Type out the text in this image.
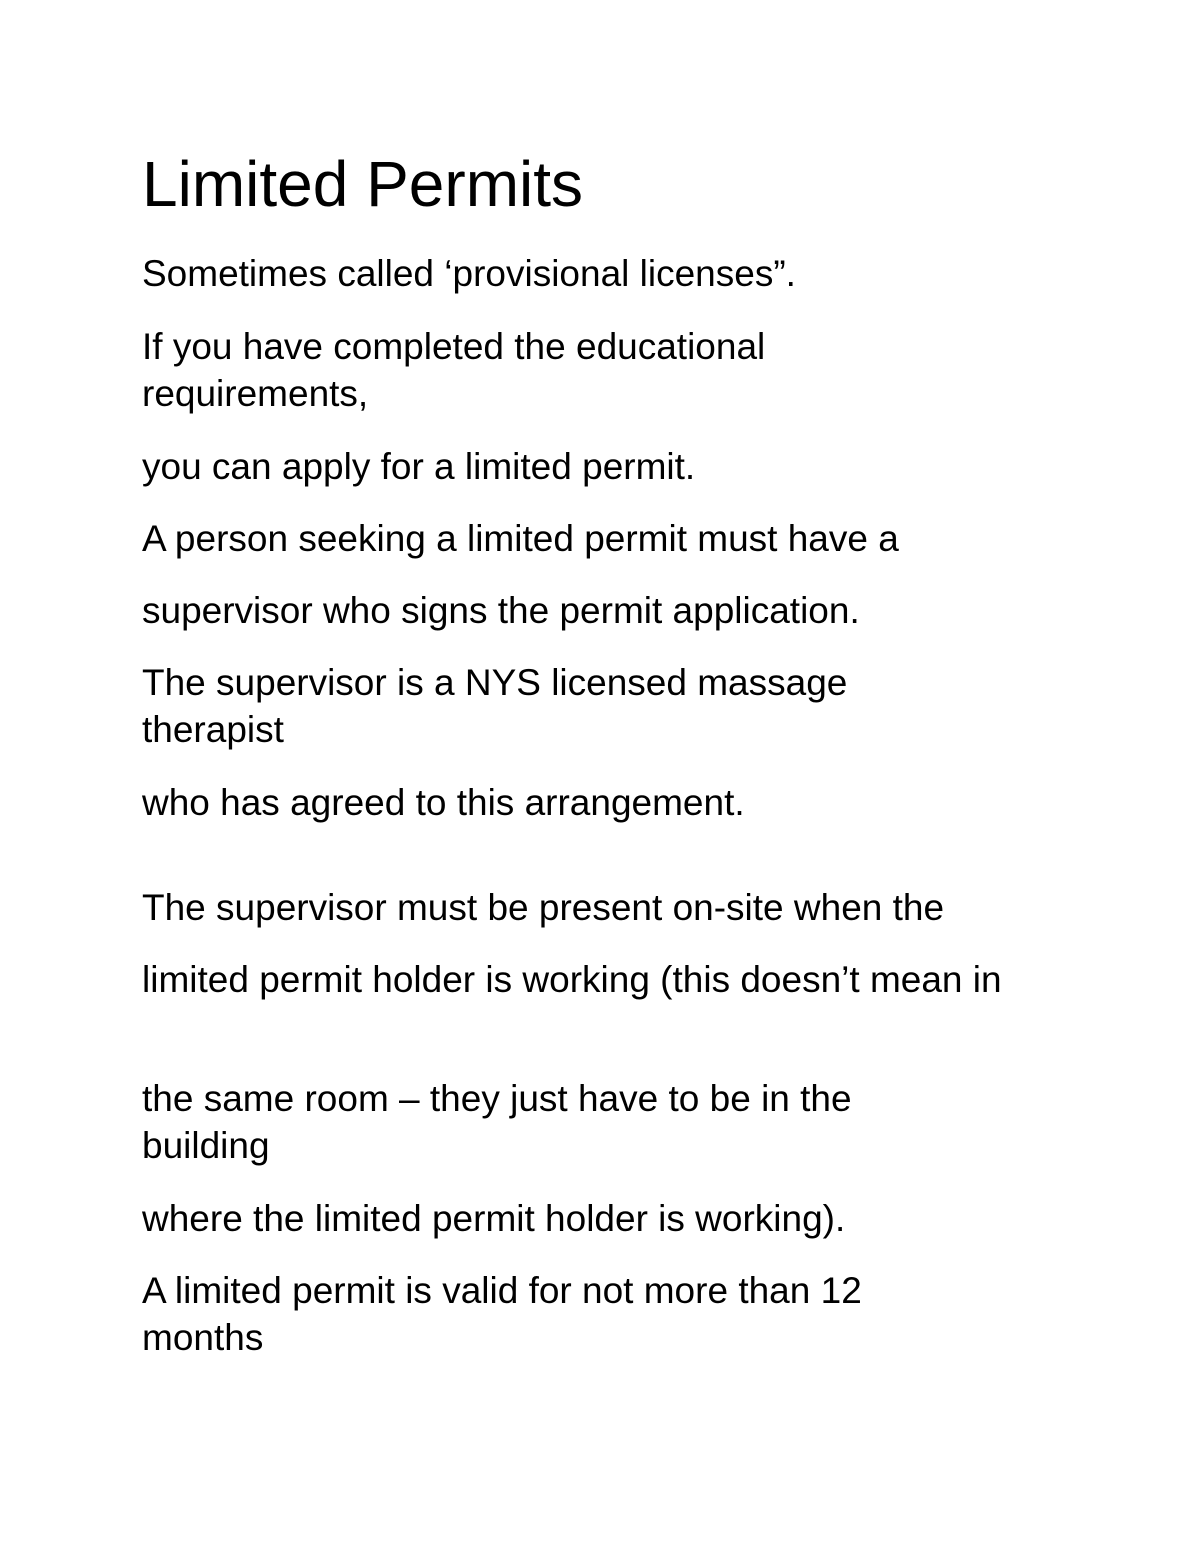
Limited Permits

Sometimes called ‘provisional licenses”.

If you have completed the educational requirements,

you can apply for a limited permit.

A person seeking a limited permit must have a

supervisor who signs the permit application.

The supervisor is a NYS licensed massage therapist

who has agreed to this arrangement.

The supervisor must be present on-site when the

limited permit holder is working (this doesn’t mean in

the same room – they just have to be in the building

where the limited permit holder is working).

A limited permit is valid for not more than 12 months
